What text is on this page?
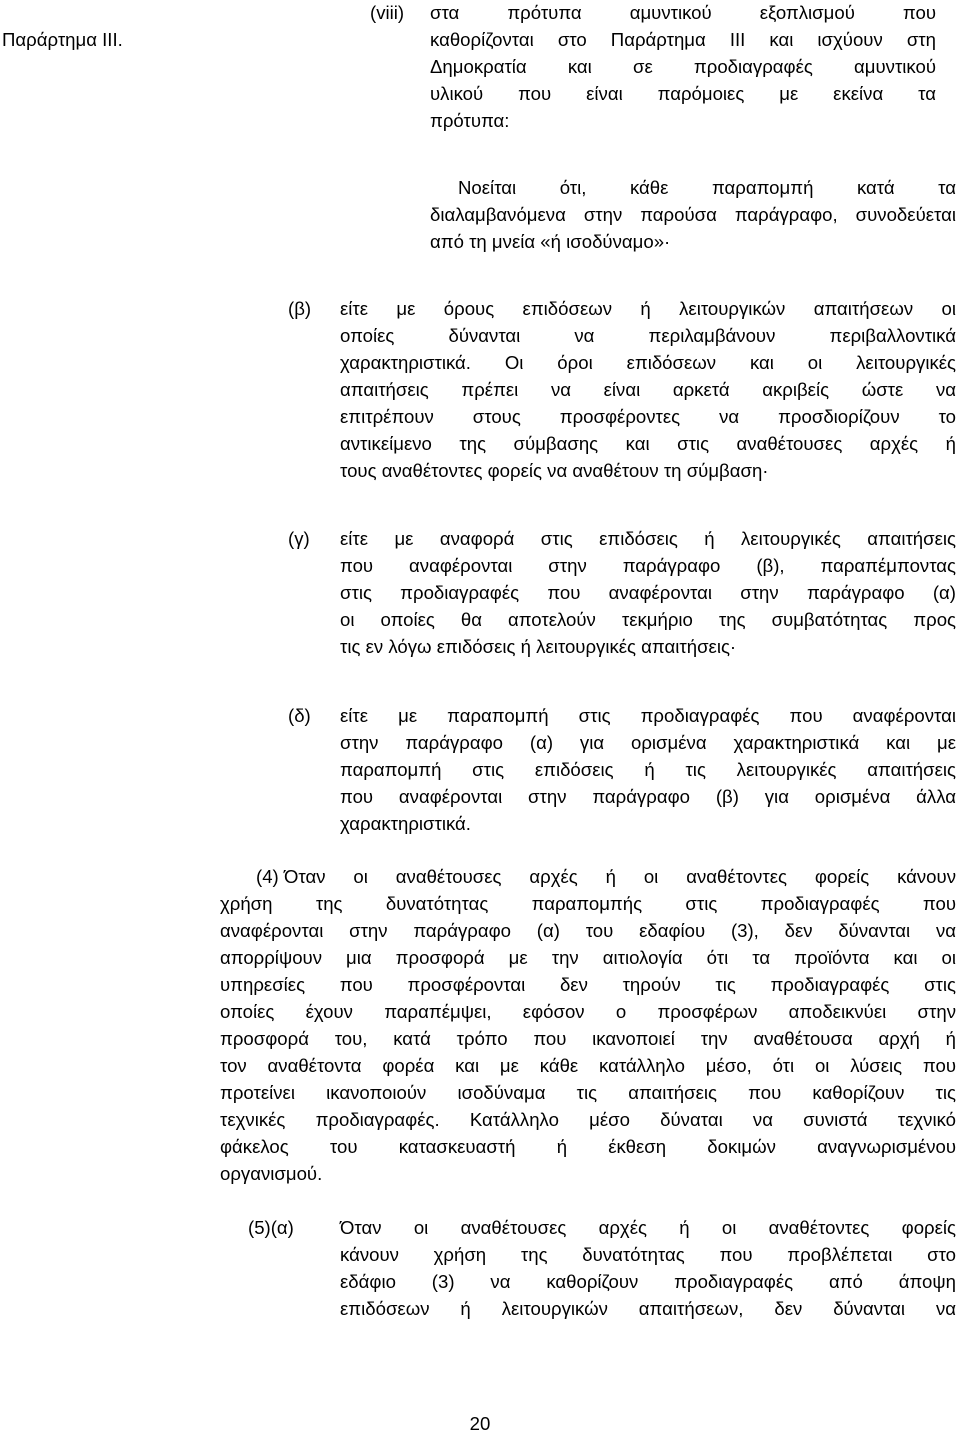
Παράρτημα ΙΙΙ.
(viii) στα πρότυπα αμυντικού εξοπλισμού που
καθορίζονται στο Παράρτημα ΙΙΙ και ισχύουν στη
Δημοκρατία και σε προδιαγραφές αμυντικού
υλικού που είναι παρόμοιες με εκείνα τα
πρότυπα:
Νοείται ότι, κάθε παραπομπή κατά τα
διαλαμβανόμενα στην παρούσα παράγραφο, συνοδεύεται
από τη μνεία «ή ισοδύναμο»·
(β) είτε με όρους επιδόσεων ή λειτουργικών απαιτήσεων οι
οποίες δύνανται να περιλαμβάνουν περιβαλλοντικά
χαρακτηριστικά. Οι όροι επιδόσεων και οι λειτουργικές
απαιτήσεις πρέπει να είναι αρκετά ακριβείς ώστε να
επιτρέπουν στους προσφέροντες να προσδιορίζουν το
αντικείμενο της σύμβασης και στις αναθέτουσες αρχές ή
τους αναθέτοντες φορείς να αναθέτουν τη σύμβαση·
(γ) είτε με αναφορά στις επιδόσεις ή λειτουργικές απαιτήσεις
που αναφέρονται στην παράγραφο (β), παραπέμποντας
στις προδιαγραφές που αναφέρονται στην παράγραφο (α)
οι οποίες θα αποτελούν τεκμήριο της συμβατότητας προς
τις εν λόγω επιδόσεις ή λειτουργικές απαιτήσεις·
(δ) είτε με παραπομπή στις προδιαγραφές που αναφέρονται
στην παράγραφο (α) για ορισμένα χαρακτηριστικά και με
παραπομπή στις επιδόσεις ή τις λειτουργικές απαιτήσεις
που αναφέρονται στην παράγραφο (β) για ορισμένα άλλα
χαρακτηριστικά.
(4) Όταν οι αναθέτουσες αρχές ή οι αναθέτοντες φορείς κάνουν
χρήση της δυνατότητας παραπομπής στις προδιαγραφές που
αναφέρονται στην παράγραφο (α) του εδαφίου (3), δεν δύνανται να
απορρίψουν μια προσφορά με την αιτιολογία ότι τα προϊόντα και οι
υπηρεσίες που προσφέρονται δεν τηρούν τις προδιαγραφές στις
οποίες έχουν παραπέμψει, εφόσον ο προσφέρων αποδεικνύει στην
προσφορά του, κατά τρόπο που ικανοποιεί την αναθέτουσα αρχή ή
τον αναθέτοντα φορέα και με κάθε κατάλληλο μέσο, ότι οι λύσεις που
προτείνει ικανοποιούν ισοδύναμα τις απαιτήσεις που καθορίζουν τις
τεχνικές προδιαγραφές. Κατάλληλο μέσο δύναται να συνιστά τεχνικό
φάκελος του κατασκευαστή ή έκθεση δοκιμών αναγνωρισμένου
οργανισμού.
(5)(α) Όταν οι αναθέτουσες αρχές ή οι αναθέτοντες φορείς
κάνουν χρήση της δυνατότητας που προβλέπεται στο
εδάφιο (3) να καθορίζουν προδιαγραφές από άποψη
επιδόσεων ή λειτουργικών απαιτήσεων, δεν δύνανται να
20
